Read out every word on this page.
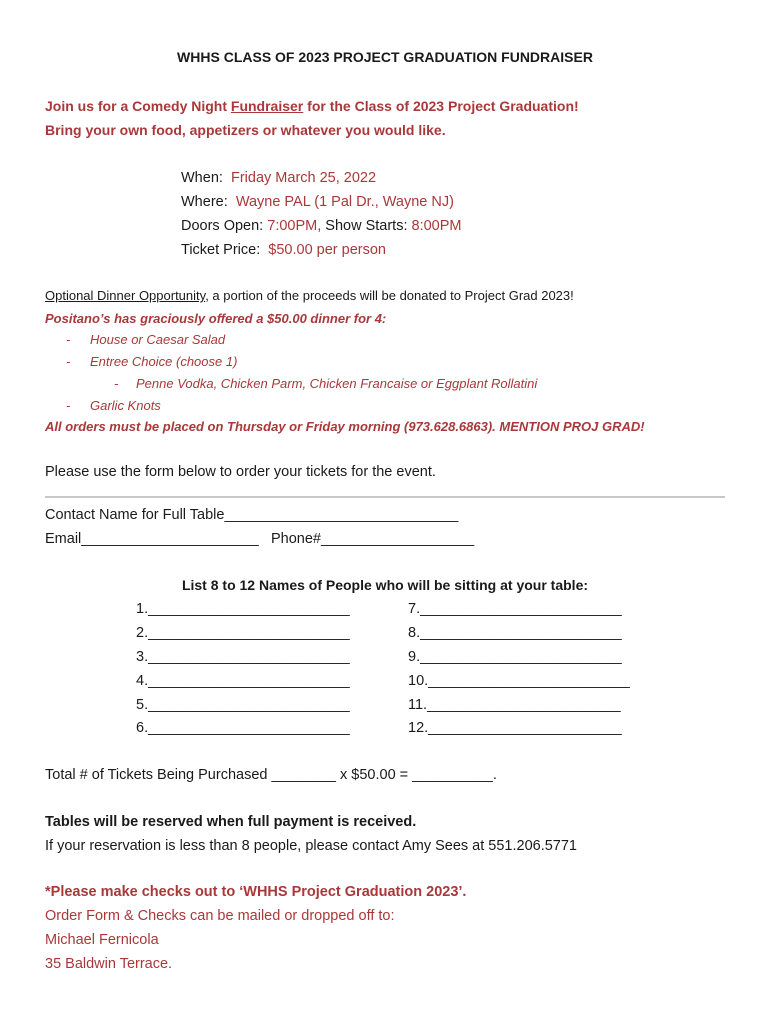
WHHS CLASS OF 2023 PROJECT GRADUATION FUNDRAISER
Join us for a Comedy Night Fundraiser for the Class of 2023 Project Graduation!
Bring your own food, appetizers or whatever you would like.
When: Friday March 25, 2022
Where: Wayne PAL (1 Pal Dr., Wayne NJ)
Doors Open: 7:00PM, Show Starts: 8:00PM
Ticket Price: $50.00 per person
Optional Dinner Opportunity, a portion of the proceeds will be donated to Project Grad 2023!
Positano’s has graciously offered a $50.00 dinner for 4:
- House or Caesar Salad
- Entree Choice (choose 1)
- Penne Vodka, Chicken Parm, Chicken Francaise or Eggplant Rollatini
- Garlic Knots
All orders must be placed on Thursday or Friday morning (973.628.6863). MENTION PROJ GRAD!
Please use the form below to order your tickets for the event.
Contact Name for Full Table_____________________________
Email______________________ Phone#___________________
List 8 to 12 Names of People who will be sitting at your table:
1._________________________
2._________________________
3._________________________
4._________________________
5._________________________
6._________________________
7._________________________
8._________________________
9._________________________
10._________________________
11.________________________
12.________________________
Total # of Tickets Being Purchased ________ x $50.00 = __________.
Tables will be reserved when full payment is received.
If your reservation is less than 8 people, please contact Amy Sees at 551.206.5771
*Please make checks out to ‘WHHS Project Graduation 2023’.
Order Form & Checks can be mailed or dropped off to:
Michael Fernicola
35 Baldwin Terrace.
